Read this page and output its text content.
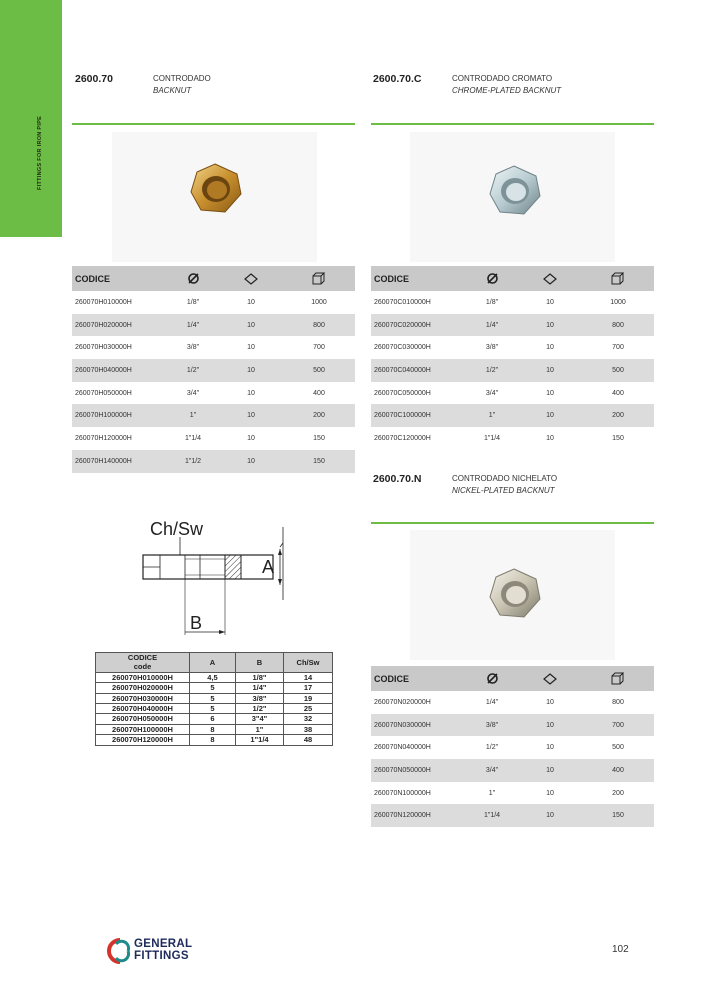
FITTINGS FOR IRON PIPE
2600.70	CONTRODADO
BACKNUT
2600.70.C	CONTRODADO CROMATO
CHROME-PLATED BACKNUT
CODICE			
260070H010000H	1/8"	10	1000
260070H020000H	1/4"	10	800
260070H030000H	3/8"	10	700
260070H040000H	1/2"	10	500
260070H050000H	3/4"	10	400
260070H100000H	1"	10	200
260070H120000H	1"1/4	10	150
260070H140000H	1"1/2	10	150
CODICE			
260070C010000H	1/8"	10	1000
260070C020000H	1/4"	10	800
260070C030000H	3/8"	10	700
260070C040000H	1/2"	10	500
260070C050000H	3/4"	10	400
260070C100000H	1"	10	200
260070C120000H	1"1/4	10	150
2600.70.N	CONTRODADO NICHELATO
NICKEL-PLATED BACKNUT
CODICE			
260070N020000H	1/4"	10	800
260070N030000H	3/8"	10	700
260070N040000H	1/2"	10	500
260070N050000H	3/4"	10	400
260070N100000H	1"	10	200
260070N120000H	1"1/4	10	150
Ch/Sw
A
B
CODICE
code	A	B	Ch/Sw
260070H010000H	4,5	1/8"	14
260070H020000H	5	1/4"	17
260070H030000H	5	3/8"	19
260070H040000H	5	1/2"	25
260070H050000H	6	3"4"	32
260070H100000H	8	1"	38
260070H120000H	8	1"1/4	48
GENERAL
FITTINGS	102
